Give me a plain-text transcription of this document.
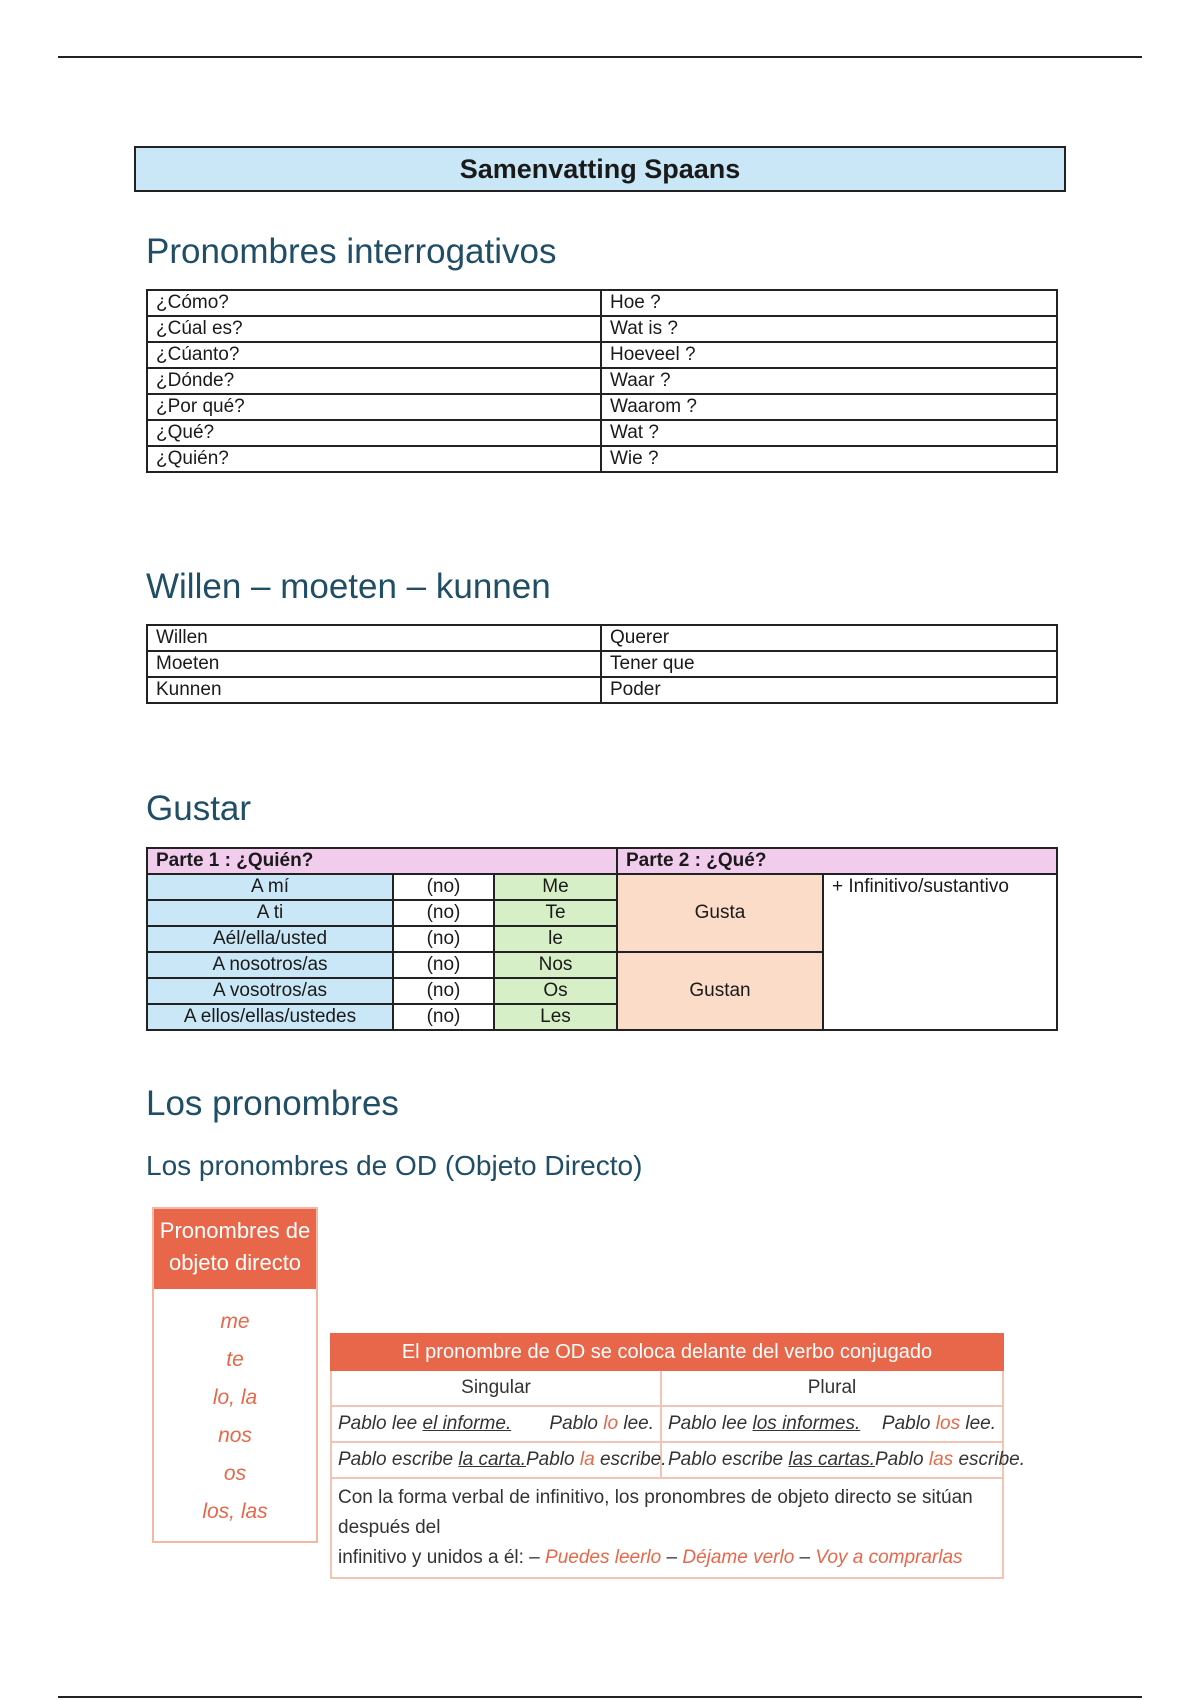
Samenvatting Spaans
Pronombres interrogativos
¿Cómo?	Hoe ?
¿Cúal es?	Wat is ?
¿Cúanto?	Hoeveel ?
¿Dónde?	Waar ?
¿Por qué?	Waarom ?
¿Qué?	Wat ?
¿Quién?	Wie ?
Willen – moeten – kunnen
Willen	Querer
Moeten	Tener que
Kunnen	Poder
Gustar
Parte 1 : ¿Quién?			Parte 2 : ¿Qué?	
A mí	(no)	Me	Gusta	+ Infinitivo/sustantivo
A ti	(no)	Te		
Aél/ella/usted	(no)	le		
A nosotros/as	(no)	Nos	Gustan	
A vosotros/as	(no)	Os		
A ellos/ellas/ustedes	(no)	Les		
Los pronombres
Los pronombres de OD (Objeto Directo)
Pronombres de
objeto directo
me
te
lo, la
nos
os
los, las
El pronombre de OD se coloca delante del verbo conjugado	
Singular	Plural

Pablo lee el informe. Pablo lo lee.	Pablo lee los informes. Pablo los lee.

Pablo escribe la carta. Pablo la escribe.	Pablo escribe las cartas. Pablo las escribe.

Con la forma verbal de infinitivo, los pronombres de objeto directo se sitúan después del
infinitivo y unidos a él: – Puedes leerlo – Déjame verlo – Voy a comprarlas	
